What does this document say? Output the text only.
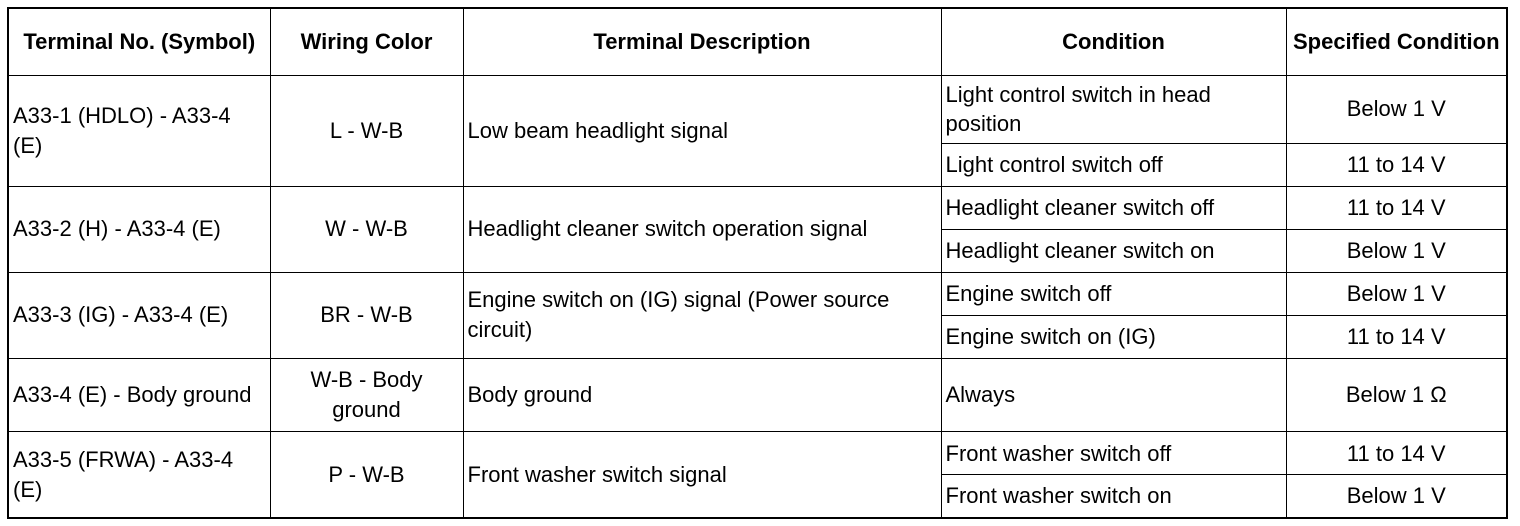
Terminal No. (Symbol)	Wiring Color	Terminal Description	Condition	Specified Condition
A33-1 (HDLO) - A33-4 (E)	L - W-B	Low beam headlight signal	Light control switch in head position	Below 1 V
			Light control switch off	11 to 14 V
A33-2 (H) - A33-4 (E)	W - W-B	Headlight cleaner switch operation signal	Headlight cleaner switch off	11 to 14 V
			Headlight cleaner switch on	Below 1 V
A33-3 (IG) - A33-4 (E)	BR - W-B	Engine switch on (IG) signal (Power source circuit)	Engine switch off	Below 1 V
			Engine switch on (IG)	11 to 14 V
A33-4 (E) - Body ground	W-B - Body ground	Body ground	Always	Below 1 Ω
A33-5 (FRWA) - A33-4 (E)	P - W-B	Front washer switch signal	Front washer switch off	11 to 14 V
			Front washer switch on	Below 1 V
